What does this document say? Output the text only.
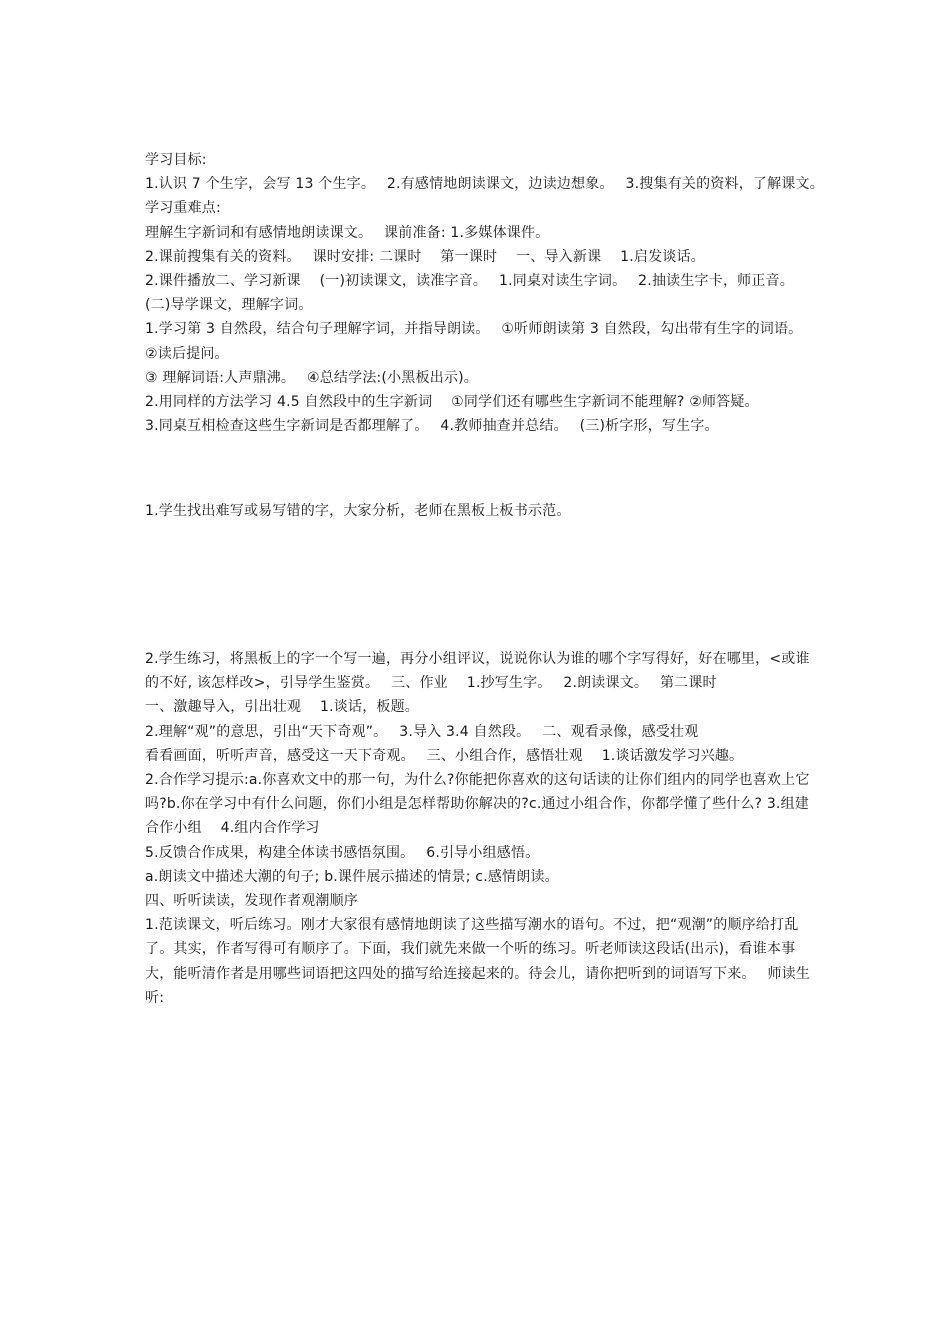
学习目标:

1.认识 7 个生字，会写 13 个生字。　 2.有感情地朗读课文，边读边想象。　 3.搜集有关的资料，了解课文。　 学习重难点:

理解生字新词和有感情地朗读课文。　 课前准备: 1.多媒体课件。

2.课前搜集有关的资料。　 课时安排: 二课时　 第一课时　 一、导入新课　 1.启发谈话。

2.课件播放二、学习新课　 (一)初读课文，读准字音。　 1.同桌对读生字词。　 2.抽读生字卡，师正音。　 (二)导学课文，理解字词。

1.学习第 3 自然段，结合句子理解字词，并指导朗读。　 ①听师朗读第 3 自然段，勾出带有生字的词语。　 ②读后提问。

③ 理解词语:人声鼎沸。　 ④总结学法:(小黑板出示)。

2.用同样的方法学习 4.5 自然段中的生字新词　 ①同学们还有哪些生字新词不能理解? ②师答疑。

3.同桌互相检查这些生字新词是否都理解了。　 4.教师抽查并总结。　 (三)析字形，写生字。

1.学生找出难写或易写错的字，大家分析，老师在黑板上板书示范。

2.学生练习，将黑板上的字一个写一遍，再分小组评议，说说你认为谁的哪个字写得好，好在哪里，<或谁的不好, 该怎样改>，引导学生鉴赏。　 三、作业　 1.抄写生字。　 2.朗读课文。　 第二课时

一、激趣导入，引出壮观　 1.谈话，板题。

2.理解“观”的意思，引出“天下奇观”。　 3.导入 3.4 自然段。　 二、观看录像，感受壮观

看看画面，听听声音，感受这一天下奇观。　 三、小组合作，感悟壮观　 1.谈话激发学习兴趣。

2.合作学习提示:a.你喜欢文中的那一句，为什么?你能把你喜欢的这句话读的让你们组内的同学也喜欢上它吗?b.你在学习中有什么问题，你们小组是怎样帮助你解决的?c.通过小组合作，你都学懂了些什么? 3.组建合作小组　 4.组内合作学习

5.反馈合作成果，构建全体读书感悟氛围。　 6.引导小组感悟。

a.朗读文中描述大潮的句子; b.课件展示描述的情景; c.感情朗读。

四、听听读读，发现作者观潮顺序

1.范读课文，听后练习。刚才大家很有感情地朗读了这些描写潮水的语句。不过，把“观潮”的顺序给打乱了。其实，作者写得可有顺序了。下面，我们就先来做一个听的练习。听老师读这段话(出示)，看谁本事大，能听清作者是用哪些词语把这四处的描写给连接起来的。待会儿，请你把听到的词语写下来。　 师读生听:
